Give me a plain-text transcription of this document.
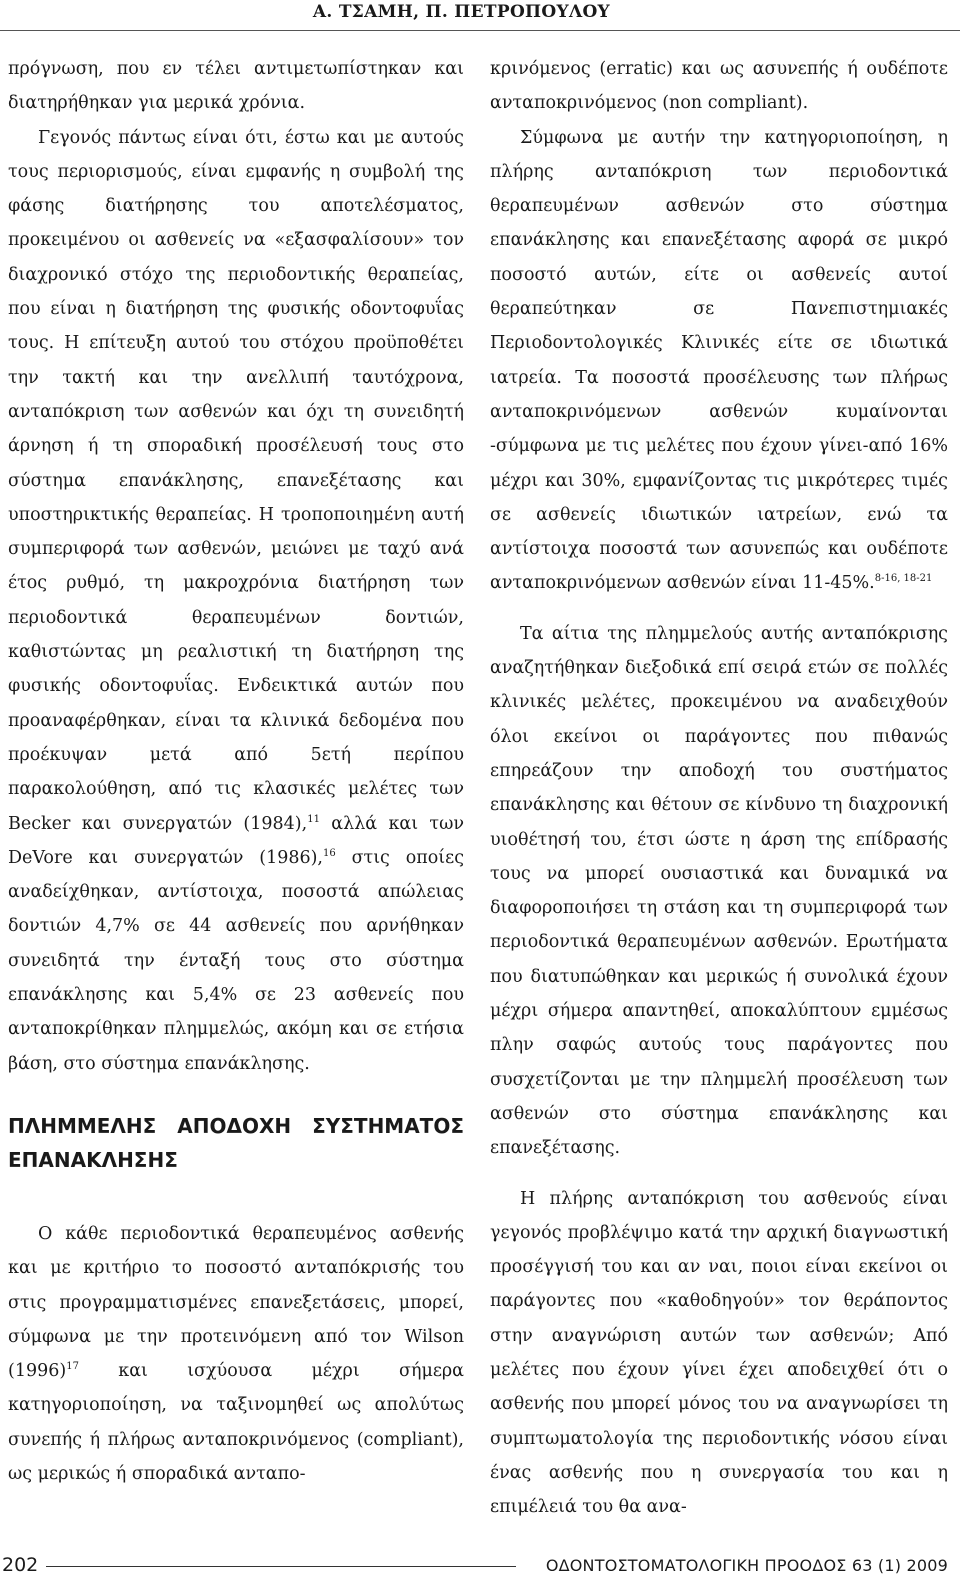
Α. ΤΣΑΜΗ, Π. ΠΕΤΡΟΠΟΥΛΟΥ

πρόγνωση, που εν τέλει αντιμετωπίστηκαν και διατηρήθηκαν για μερικά χρόνια.

Γεγονός πάντως είναι ότι, έστω και με αυτούς τους περιορισμούς, είναι εμφανής η συμβολή της φάσης διατήρησης του αποτελέσματος, προκειμένου οι ασθενείς να «εξασφαλίσουν» τον διαχρονικό στόχο της περιοδοντικής θεραπείας, που είναι η διατήρηση της φυσικής οδοντοφυΐας τους. Η επίτευξη αυτού του στόχου προϋποθέτει την τακτή και την ανελλιπή ταυτόχρονα, ανταπόκριση των ασθενών και όχι τη συνειδητή άρνηση ή τη σποραδική προσέλευσή τους στο σύστημα επανάκλησης, επανεξέτασης και υποστηρικτικής θεραπείας. Η τροποποιημένη αυτή συμπεριφορά των ασθενών, μειώνει με ταχύ ανά έτος ρυθμό, τη μακροχρόνια διατήρηση των περιοδοντικά θεραπευμένων δοντιών, καθιστώντας μη ρεαλιστική τη διατήρηση της φυσικής οδοντοφυΐας. Ενδεικτικά αυτών που προαναφέρθηκαν, είναι τα κλινικά δεδομένα που προέκυψαν μετά από 5ετή περίπου παρακολούθηση, από τις κλασικές μελέτες των Becker και συνεργατών (1984),$^{11}$ αλλά και των DeVore και συνεργατών (1986),$^{16}$ στις οποίες αναδείχθηκαν, αντίστοιχα, ποσοστά απώλειας δοντιών 4,7% σε 44 ασθενείς που αρνήθηκαν συνειδητά την ένταξή τους στο σύστημα επανάκλησης και 5,4% σε 23 ασθενείς που ανταποκρίθηκαν πλημμελώς, ακόμη και σε ετήσια βάση, στο σύστημα επανάκλησης.

ΠΛΗΜΜΕΛΗΣ ΑΠΟΔΟΧΗ ΣΥΣΤΗΜΑΤΟΣ ΕΠΑΝΑΚΛΗΣΗΣ

Ο κάθε περιοδοντικά θεραπευμένος ασθενής και με κριτήριο το ποσοστό ανταπόκρισής του στις προγραμματισμένες επανεξετάσεις, μπορεί, σύμφωνα με την προτεινόμενη από τον Wilson $(1996)^{17}$ και ισχύουσα μέχρι σήμερα κατηγοριοποίηση, να ταξινομηθεί ως απολύτως συνεπής ή πλήρως ανταποκρινόμενος (compliant), ως μερικώς ή σποραδικά ανταπο-

κρινόμενος (erratic) και ως ασυνεπής ή ουδέποτε ανταποκρινόμενος (non compliant).

Σύμφωνα με αυτήν την κατηγοριοποίηση, η πλήρης ανταπόκριση των περιοδοντικά θεραπευμένων ασθενών στο σύστημα επανάκλησης και επανεξέτασης αφορά σε μικρό ποσοστό αυτών, είτε οι ασθενείς αυτοί θεραπεύτηκαν σε Πανεπιστημιακές Περιοδοντολογικές Κλινικές είτε σε ιδιωτικά ιατρεία. Τα ποσοστά προσέλευσης των πλήρως ανταποκρινόμενων ασθενών κυμαίνονται -σύμφωνα με τις μελέτες που έχουν γίνει-από 16% μέχρι και 30%, εμφανίζοντας τις μικρότερες τιμές σε ασθενείς ιδιωτικών ιατρείων, ενώ τα αντίστοιχα ποσοστά των ασυνεπώς και ουδέποτε ανταποκρινόμενων ασθενών είναι 11-45%.$^{8-16, 18-21}$

Τα αίτια της πλημμελούς αυτής ανταπόκρισης αναζητήθηκαν διεξοδικά επί σειρά ετών σε πολλές κλινικές μελέτες, προκειμένου να αναδειχθούν όλοι εκείνοι οι παράγοντες που πιθανώς επηρεάζουν την αποδοχή του συστήματος επανάκλησης και θέτουν σε κίνδυνο τη διαχρονική υιοθέτησή του, έτσι ώστε η άρση της επίδρασής τους να μπορεί ουσιαστικά και δυναμικά να διαφοροποιήσει τη στάση και τη συμπεριφορά των περιοδοντικά θεραπευμένων ασθενών. Ερωτήματα που διατυπώθηκαν και μερικώς ή συνολικά έχουν μέχρι σήμερα απαντηθεί, αποκαλύπτουν εμμέσως πλην σαφώς αυτούς τους παράγοντες που συσχετίζονται με την πλημμελή προσέλευση των ασθενών στο σύστημα επανάκλησης και επανεξέτασης.

Η πλήρης ανταπόκριση του ασθενούς είναι γεγονός προβλέψιμο κατά την αρχική διαγνωστική προσέγγισή του και αν ναι, ποιοι είναι εκείνοι οι παράγοντες που «καθοδηγούν» τον θεράποντος στην αναγνώριση αυτών των ασθενών; Από μελέτες που έχουν γίνει έχει αποδειχθεί ότι ο ασθενής που μπορεί μόνος του να αναγνωρίσει τη συμπτωματολογία της περιοδοντικής νόσου είναι ένας ασθενής που η συνεργασία του και η επιμέλειά του θα ανα-

202	ΟΔΟΝΤΟΣΤΟΜΑΤΟΛΟΓΙΚΗ ΠΡΟΟΔΟΣ 63 (1) 2009
